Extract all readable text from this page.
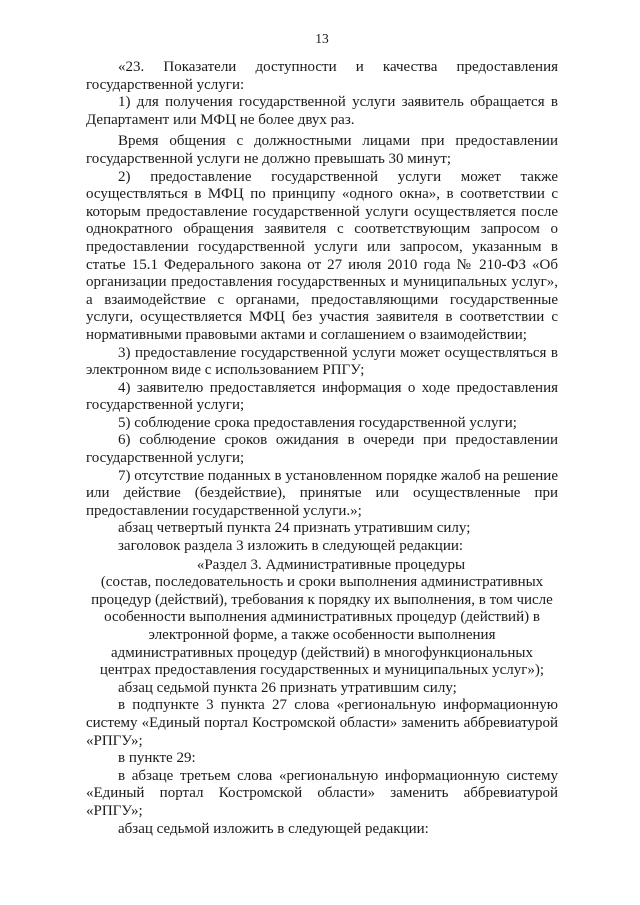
13

«23. Показатели доступности и качества предоставления государственной услуги:

1) для получения государственной услуги заявитель обращается в Департамент или МФЦ не более двух раз.

Время общения с должностными лицами при предоставлении государственной услуги не должно превышать 30 минут;

2) предоставление государственной услуги может также осуществляться в МФЦ по принципу «одного окна», в соответствии с которым предоставление государственной услуги осуществляется после однократного обращения заявителя с соответствующим запросом о предоставлении государственной услуги или запросом, указанным в статье 15.1 Федерального закона от 27 июля 2010 года № 210-ФЗ «Об организации предоставления государственных и муниципальных услуг», а взаимодействие с органами, предоставляющими государственные услуги, осуществляется МФЦ без участия заявителя в соответствии с нормативными правовыми актами и соглашением о взаимодействии;

3) предоставление государственной услуги может осуществляться в электронном виде с использованием РПГУ;

4) заявителю предоставляется информация о ходе предоставления государственной услуги;

5) соблюдение срока предоставления государственной услуги;

6) соблюдение сроков ожидания в очереди при предоставлении государственной услуги;

7) отсутствие поданных в установленном порядке жалоб на решение или действие (бездействие), принятые или осуществленные при предоставлении государственной услуги.»;

абзац четвертый пункта 24 признать утратившим силу;

заголовок раздела 3 изложить в следующей редакции:

«Раздел 3. Административные процедуры

(состав, последовательность и сроки выполнения административных процедур (действий), требования к порядку их выполнения, в том числе особенности выполнения административных процедур (действий) в электронной форме, а также особенности выполнения административных процедур (действий) в многофункциональных центрах предоставления государственных и муниципальных услуг»);

абзац седьмой пункта 26 признать утратившим силу;

в подпункте 3 пункта 27 слова «региональную информационную систему «Единый портал Костромской области» заменить аббревиатурой «РПГУ»;

в пункте 29:

в абзаце третьем слова «региональную информационную систему «Единый портал Костромской области» заменить аббревиатурой «РПГУ»;

абзац седьмой изложить в следующей редакции:
